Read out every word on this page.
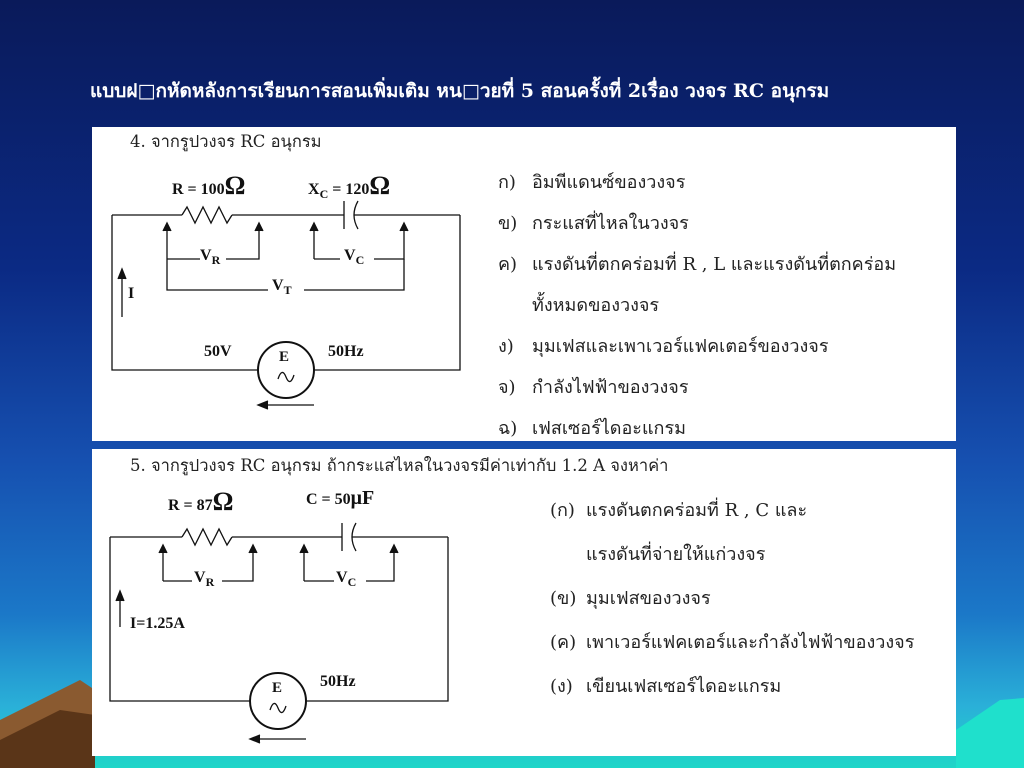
แบบฝ□กหัดหลังการเรียนการสอนเพิ่มเติม หน□วยที่ 5 สอนครั้งที่ 2เรื่อง วงจร RC อนุกรม
4. จากรูปวงจร RC อนุกรม
R = 100Ω	$X_C = 120\Omega$
$V_R$	$V_C$
$V_T$
I
50V	50Hz
E
ก) อิมพีแดนซ์ของวงจร
ข) กระแสที่ไหลในวงจร
ค) แรงดันที่ตกคร่อมที่ R , L และแรงดันที่ตกคร่อม
ทั้งหมดของวงจร
ง) มุมเฟสและเพาเวอร์แฟคเตอร์ของวงจร
จ) กำลังไฟฟ้าของวงจร
ฉ) เฟสเซอร์ไดอะแกรม
5. จากรูปวงจร RC อนุกรม ถ้ากระแสไหลในวงจรมีค่าเท่ากับ 1.2 A จงหาค่า
R = 87Ω	C = 50μF
$V_R$	$V_C$
I=1.25A
50Hz
E
(ก) แรงดันตกคร่อมที่ R , C และ
แรงดันที่จ่ายให้แก่วงจร
(ข) มุมเฟสของวงจร
(ค) เพาเวอร์แฟคเตอร์และกำลังไฟฟ้าของวงจร
(ง) เขียนเฟสเซอร์ไดอะแกรม
